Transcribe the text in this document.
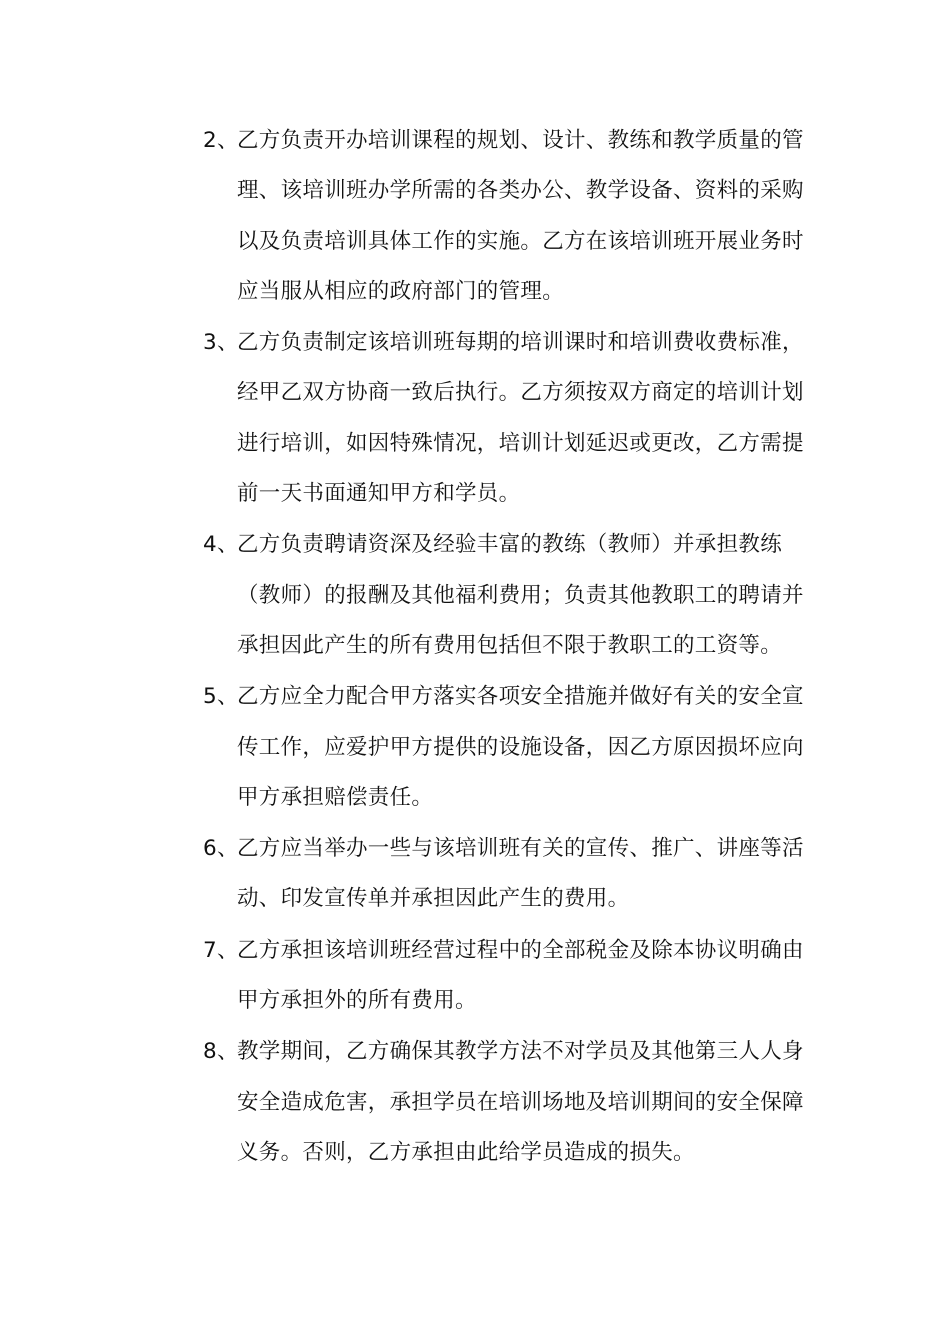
2、
乙方负责开办培训课程的规划、设计、教练和教学质量的管理、该培训班办学所需的各类办公、教学设备、资料的采购以及负责培训具体工作的实施。乙方在该培训班开展业务时应当服从相应的政府部门的管理。
3、
乙方负责制定该培训班每期的培训课时和培训费收费标准，经甲乙双方协商一致后执行。乙方须按双方商定的培训计划进行培训，如因特殊情况，培训计划延迟或更改，乙方需提前一天书面通知甲方和学员。
4、
乙方负责聘请资深及经验丰富的教练（教师）并承担教练（教师）的报酬及其他福利费用；负责其他教职工的聘请并承担因此产生的所有费用包括但不限于教职工的工资等。
5、
乙方应全力配合甲方落实各项安全措施并做好有关的安全宣传工作，应爱护甲方提供的设施设备，因乙方原因损坏应向甲方承担赔偿责任。
6、
乙方应当举办一些与该培训班有关的宣传、推广、讲座等活动、印发宣传单并承担因此产生的费用。
7、
乙方承担该培训班经营过程中的全部税金及除本协议明确由甲方承担外的所有费用。
8、
教学期间，乙方确保其教学方法不对学员及其他第三人人身安全造成危害，承担学员在培训场地及培训期间的安全保障义务。否则，乙方承担由此给学员造成的损失。
